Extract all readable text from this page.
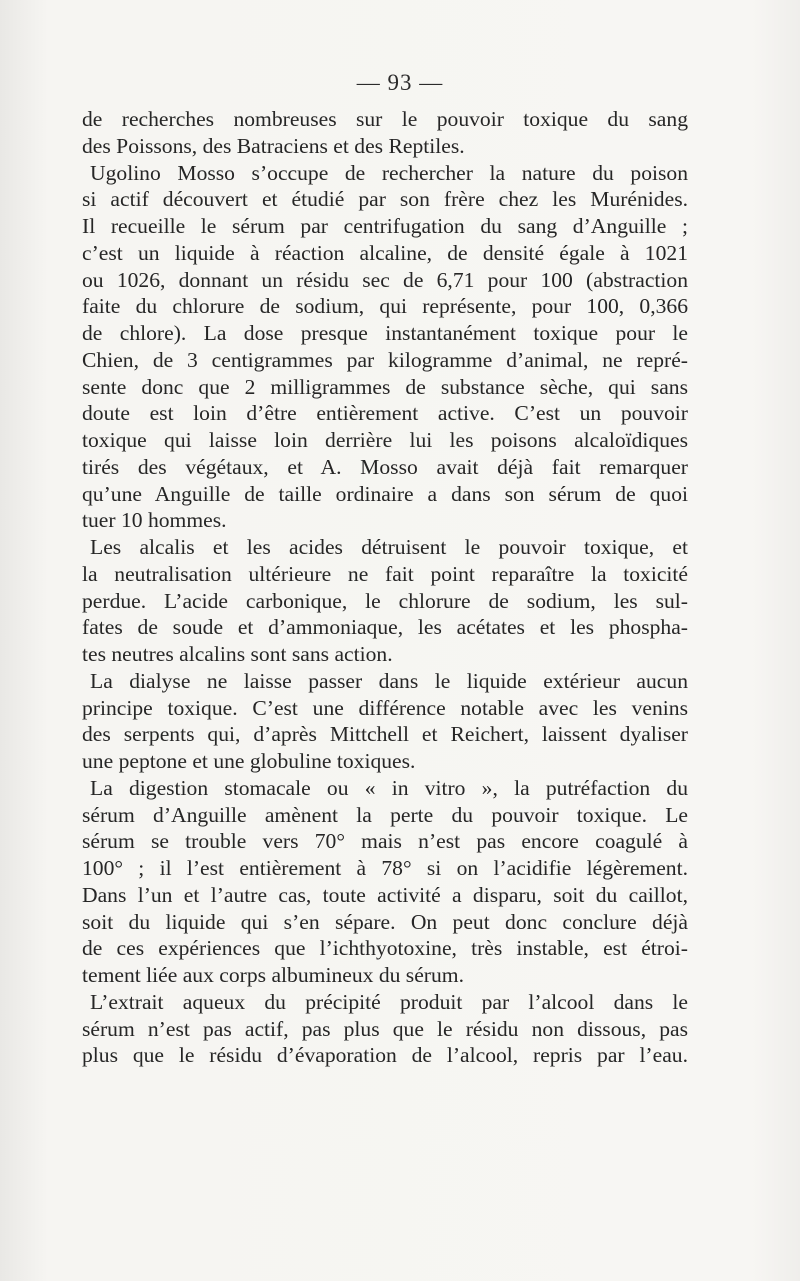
— 93 —
de recherches nombreuses sur le pouvoir toxique du sang
des Poissons, des Batraciens et des Reptiles.
Ugolino Mosso s’occupe de rechercher la nature du poison
si actif découvert et étudié par son frère chez les Murénides.
Il recueille le sérum par centrifugation du sang d’Anguille ;
c’est un liquide à réaction alcaline, de densité égale à 1021
ou 1026, donnant un résidu sec de 6,71 pour 100 (abstraction
faite du chlorure de sodium, qui représente, pour 100, 0,366
de chlore). La dose presque instantanément toxique pour le
Chien, de 3 centigrammes par kilogramme d’animal, ne repré-
sente donc que 2 milligrammes de substance sèche, qui sans
doute est loin d’être entièrement active. C’est un pouvoir
toxique qui laisse loin derrière lui les poisons alcaloïdiques
tirés des végétaux, et A. Mosso avait déjà fait remarquer
qu’une Anguille de taille ordinaire a dans son sérum de quoi
tuer 10 hommes.
Les alcalis et les acides détruisent le pouvoir toxique, et
la neutralisation ultérieure ne fait point reparaître la toxicité
perdue. L’acide carbonique, le chlorure de sodium, les sul-
fates de soude et d’ammoniaque, les acétates et les phospha-
tes neutres alcalins sont sans action.
La dialyse ne laisse passer dans le liquide extérieur aucun
principe toxique. C’est une différence notable avec les venins
des serpents qui, d’après Mittchell et Reichert, laissent dyaliser
une peptone et une globuline toxiques.
La digestion stomacale ou « in vitro », la putréfaction du
sérum d’Anguille amènent la perte du pouvoir toxique. Le
sérum se trouble vers 70° mais n’est pas encore coagulé à
100° ; il l’est entièrement à 78° si on l’acidifie légèrement.
Dans l’un et l’autre cas, toute activité a disparu, soit du caillot,
soit du liquide qui s’en sépare. On peut donc conclure déjà
de ces expériences que l’ichthyotoxine, très instable, est étroi-
tement liée aux corps albumineux du sérum.
L’extrait aqueux du précipité produit par l’alcool dans le
sérum n’est pas actif, pas plus que le résidu non dissous, pas
plus que le résidu d’évaporation de l’alcool, repris par l’eau.
